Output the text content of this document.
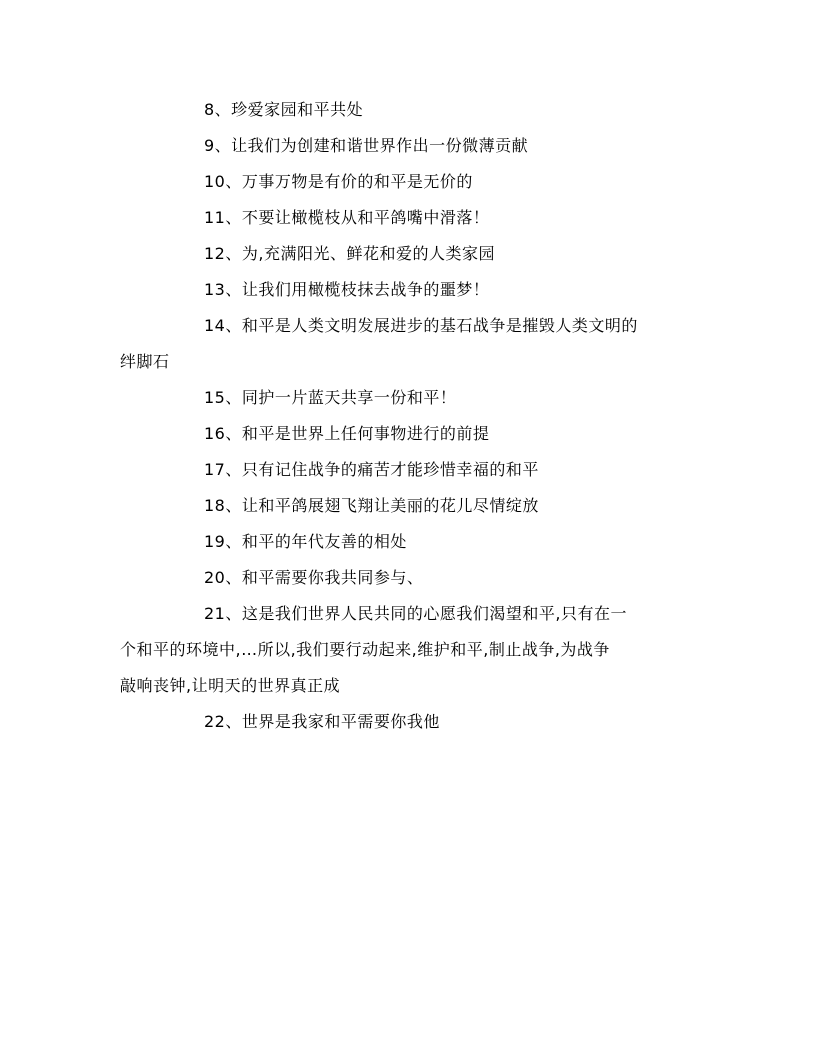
8、珍爱家园和平共处

9、让我们为创建和谐世界作出一份微薄贡献

10、万事万物是有价的和平是无价的

11、不要让橄榄枝从和平鸽嘴中滑落！

12、为,充满阳光、鲜花和爱的人类家园

13、让我们用橄榄枝抹去战争的噩梦！

14、和平是人类文明发展进步的基石战争是摧毁人类文明的

绊脚石

15、同护一片蓝天共享一份和平！

16、和平是世界上任何事物进行的前提

17、只有记住战争的痛苦才能珍惜幸福的和平

18、让和平鸽展翅飞翔让美丽的花儿尽情绽放

19、和平的年代友善的相处

20、和平需要你我共同参与、

21、这是我们世界人民共同的心愿我们渴望和平,只有在一

个和平的环境中,…所以,我们要行动起来,维护和平,制止战争,为战争

敲响丧钟,让明天的世界真正成

22、世界是我家和平需要你我他
